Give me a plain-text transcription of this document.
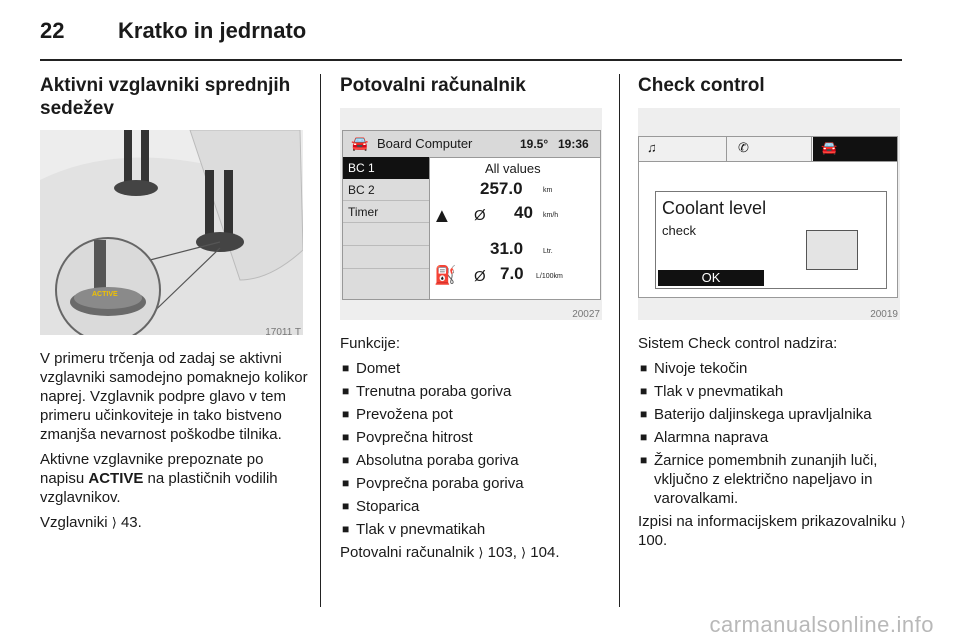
22 Kratko in jedrnato
Aktivni vzglavniki sprednjih sedežev
ACTIVE
17011 T

V primeru trčenja od zadaj se aktivni vzglavniki samodejno pomaknejo kolikor naprej. Vzglavnik podpre glavo v tem primeru učinkoviteje in tako bistveno zmanjša nevarnost poškodbe tilnika.

Aktivne vzglavnike prepoznate po napisu ACTIVE na plastičnih vodilih vzglavnikov.

Vzglavniki ⟩ 43.

Potovalni računalnik
🚘 Board Computer	19.5° 19:36
BC 1
BC 2
Timer
All values
▲
257.0	km
Ø 40 km/h
⛽
31.0	Ltr.
Ø 7.0 L/100km
20027

Funkcije:

■ Domet
■ Trenutna poraba goriva
■ Prevožena pot
■ Povprečna hitrost
■ Absolutna poraba goriva
■ Povprečna poraba goriva
■ Stoparica
■ Tlak v pnevmatikah

Potovalni računalnik ⟩ 103, ⟩ 104.

Check control
♫	✆	🚘
Coolant level
check
OK
20019

Sistem Check control nadzira:

■ Nivoje tekočin
■ Tlak v pnevmatikah
■ Baterijo daljinskega upravljalnika
■ Alarmna naprava
■ Žarnice pomembnih zunanjih luči, vključno z električno napeljavo in varovalkami.

Izpisi na informacijskem prikazovalniku ⟩ 100.

carmanualsonline.info
